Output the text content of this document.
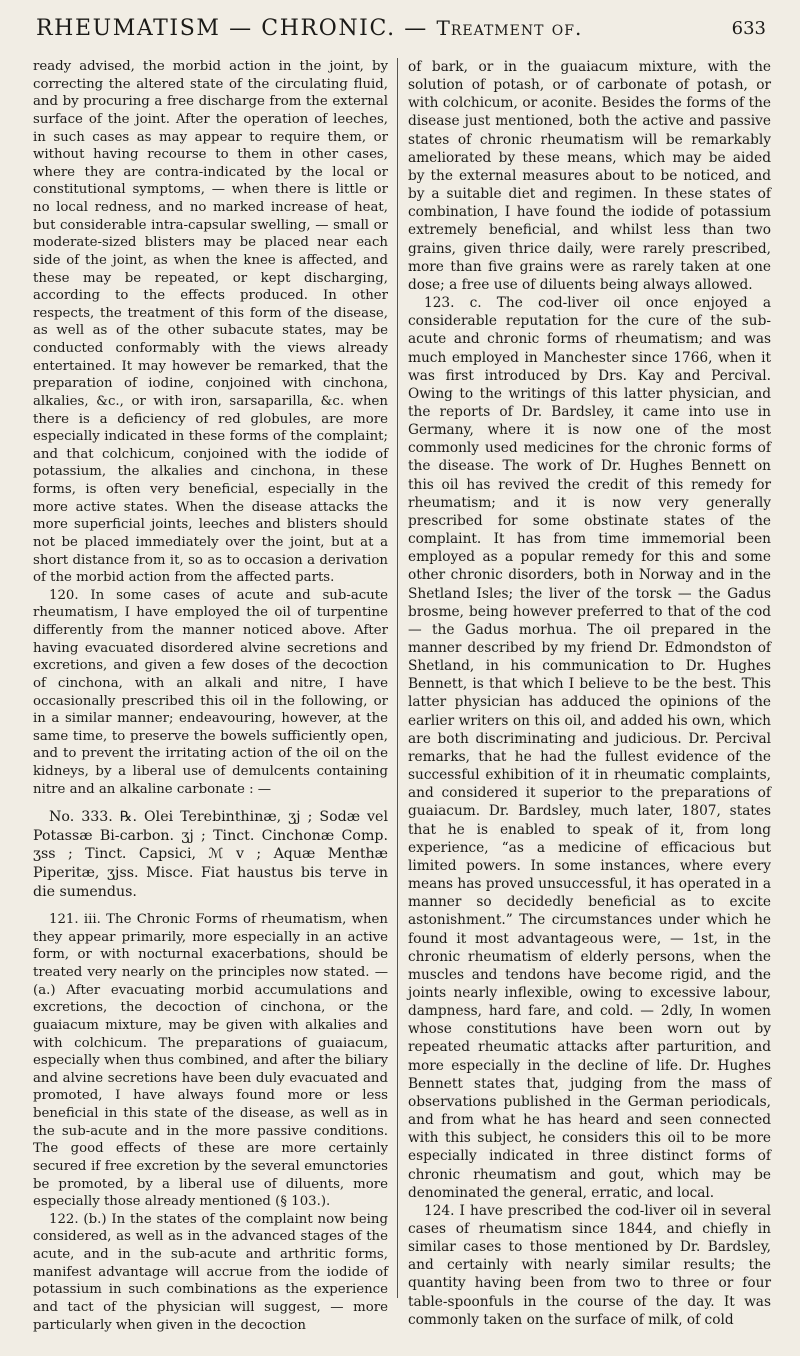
RHEUMATISM — CHRONIC. — Treatment of.	633

ready advised, the morbid action in the joint, by correcting the altered state of the circulating fluid, and by procuring a free discharge from the external surface of the joint. After the operation of leeches, in such cases as may appear to require them, or without having recourse to them in other cases, where they are contra-indicated by the local or constitutional symptoms, — when there is little or no local redness, and no marked increase of heat, but considerable intra-capsular swelling, — small or moderate-sized blisters may be placed near each side of the joint, as when the knee is affected, and these may be repeated, or kept discharging, according to the effects produced. In other respects, the treatment of this form of the disease, as well as of the other subacute states, may be conducted conformably with the views already entertained. It may however be remarked, that the preparation of iodine, conjoined with cinchona, alkalies, &c., or with iron, sarsaparilla, &c. when there is a deficiency of red globules, are more especially indicated in these forms of the complaint; and that colchicum, conjoined with the iodide of potassium, the alkalies and cinchona, in these forms, is often very beneficial, especially in the more active states. When the disease attacks the more superficial joints, leeches and blisters should not be placed immediately over the joint, but at a short distance from it, so as to occasion a derivation of the morbid action from the affected parts.

120. In some cases of acute and sub-acute rheumatism, I have employed the oil of turpentine differently from the manner noticed above. After having evacuated disordered alvine secretions and excretions, and given a few doses of the decoction of cinchona, with an alkali and nitre, I have occasionally prescribed this oil in the following, or in a similar manner; endeavouring, however, at the same time, to preserve the bowels sufficiently open, and to prevent the irritating action of the oil on the kidneys, by a liberal use of demulcents containing nitre and an alkaline carbonate : —

No. 333. ℞. Olei Terebinthinæ, ʒj ; Sodæ vel Potassæ Bi-carbon. ʒj ; Tinct. Cinchonæ Comp. ʒss ; Tinct. Capsici, ℳ v ; Aquæ Menthæ Piperitæ, ʒjss. Misce. Fiat haustus bis terve in die sumendus.

121. iii. The Chronic Forms of rheumatism, when they appear primarily, more especially in an active form, or with nocturnal exacerbations, should be treated very nearly on the principles now stated. — (a.) After evacuating morbid accumulations and excretions, the decoction of cinchona, or the guaiacum mixture, may be given with alkalies and with colchicum. The preparations of guaiacum, especially when thus combined, and after the biliary and alvine secretions have been duly evacuated and promoted, I have always found more or less beneficial in this state of the disease, as well as in the sub-acute and in the more passive conditions. The good effects of these are more certainly secured if free excretion by the several emunctories be promoted, by a liberal use of diluents, more especially those already mentioned (§ 103.).

122. (b.) In the states of the complaint now being considered, as well as in the advanced stages of the acute, and in the sub-acute and arthritic forms, manifest advantage will accrue from the iodide of potassium in such combinations as the experience and tact of the physician will suggest, — more particularly when given in the decoction

of bark, or in the guaiacum mixture, with the solution of potash, or of carbonate of potash, or with colchicum, or aconite. Besides the forms of the disease just mentioned, both the active and passive states of chronic rheumatism will be remarkably ameliorated by these means, which may be aided by the external measures about to be noticed, and by a suitable diet and regimen. In these states of combination, I have found the iodide of potassium extremely beneficial, and whilst less than two grains, given thrice daily, were rarely prescribed, more than five grains were as rarely taken at one dose; a free use of diluents being always allowed.

123. c. The cod-liver oil once enjoyed a considerable reputation for the cure of the sub-acute and chronic forms of rheumatism; and was much employed in Manchester since 1766, when it was first introduced by Drs. Kay and Percival. Owing to the writings of this latter physician, and the reports of Dr. Bardsley, it came into use in Germany, where it is now one of the most commonly used medicines for the chronic forms of the disease. The work of Dr. Hughes Bennett on this oil has revived the credit of this remedy for rheumatism; and it is now very generally prescribed for some obstinate states of the complaint. It has from time immemorial been employed as a popular remedy for this and some other chronic disorders, both in Norway and in the Shetland Isles; the liver of the torsk — the Gadus brosme, being however preferred to that of the cod — the Gadus morhua. The oil prepared in the manner described by my friend Dr. Edmondston of Shetland, in his communication to Dr. Hughes Bennett, is that which I believe to be the best. This latter physician has adduced the opinions of the earlier writers on this oil, and added his own, which are both discriminating and judicious. Dr. Percival remarks, that he had the fullest evidence of the successful exhibition of it in rheumatic complaints, and considered it superior to the preparations of guaiacum. Dr. Bardsley, much later, 1807, states that he is enabled to speak of it, from long experience, “as a medicine of efficacious but limited powers. In some instances, where every means has proved unsuccessful, it has operated in a manner so decidedly beneficial as to excite astonishment.” The circumstances under which he found it most advantageous were, — 1st, in the chronic rheumatism of elderly persons, when the muscles and tendons have become rigid, and the joints nearly inflexible, owing to excessive labour, dampness, hard fare, and cold. — 2dly, In women whose constitutions have been worn out by repeated rheumatic attacks after parturition, and more especially in the decline of life. Dr. Hughes Bennett states that, judging from the mass of observations published in the German periodicals, and from what he has heard and seen connected with this subject, he considers this oil to be more especially indicated in three distinct forms of chronic rheumatism and gout, which may be denominated the general, erratic, and local.

124. I have prescribed the cod-liver oil in several cases of rheumatism since 1844, and chiefly in similar cases to those mentioned by Dr. Bardsley, and certainly with nearly similar results; the quantity having been from two to three or four table-spoonfuls in the course of the day. It was commonly taken on the surface of milk, of cold
